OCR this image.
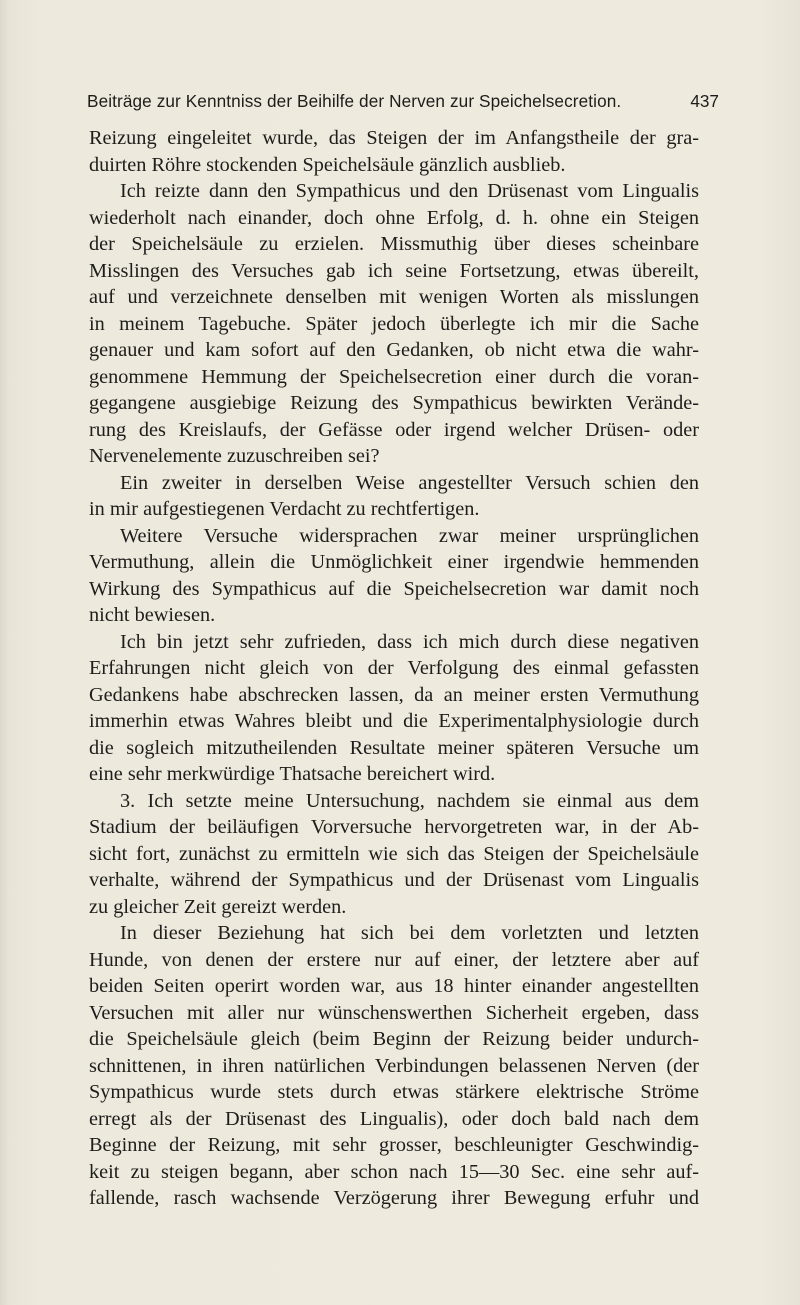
Beiträge zur Kenntniss der Beihilfe der Nerven zur Speichelsecretion.	437
Reizung eingeleitet wurde, das Steigen der im Anfangstheile der gra-
duirten Röhre stockenden Speichelsäule gänzlich ausblieb.
Ich reizte dann den Sympathicus und den Drüsenast vom Lingualis
wiederholt nach einander, doch ohne Erfolg, d. h. ohne ein Steigen
der Speichelsäule zu erzielen. Missmuthig über dieses scheinbare
Misslingen des Versuches gab ich seine Fortsetzung, etwas übereilt,
auf und verzeichnete denselben mit wenigen Worten als misslungen
in meinem Tagebuche. Später jedoch überlegte ich mir die Sache
genauer und kam sofort auf den Gedanken, ob nicht etwa die wahr-
genommene Hemmung der Speichelsecretion einer durch die voran-
gegangene ausgiebige Reizung des Sympathicus bewirkten Verände-
rung des Kreislaufs, der Gefässe oder irgend welcher Drüsen- oder
Nervenelemente zuzuschreiben sei?
Ein zweiter in derselben Weise angestellter Versuch schien den
in mir aufgestiegenen Verdacht zu rechtfertigen.
Weitere Versuche widersprachen zwar meiner ursprünglichen
Vermuthung, allein die Unmöglichkeit einer irgendwie hemmenden
Wirkung des Sympathicus auf die Speichelsecretion war damit noch
nicht bewiesen.
Ich bin jetzt sehr zufrieden, dass ich mich durch diese negativen
Erfahrungen nicht gleich von der Verfolgung des einmal gefassten
Gedankens habe abschrecken lassen, da an meiner ersten Vermuthung
immerhin etwas Wahres bleibt und die Experimentalphysiologie durch
die sogleich mitzutheilenden Resultate meiner späteren Versuche um
eine sehr merkwürdige Thatsache bereichert wird.
3. Ich setzte meine Untersuchung, nachdem sie einmal aus dem
Stadium der beiläufigen Vorversuche hervorgetreten war, in der Ab-
sicht fort, zunächst zu ermitteln wie sich das Steigen der Speichelsäule
verhalte, während der Sympathicus und der Drüsenast vom Lingualis
zu gleicher Zeit gereizt werden.
In dieser Beziehung hat sich bei dem vorletzten und letzten
Hunde, von denen der erstere nur auf einer, der letztere aber auf
beiden Seiten operirt worden war, aus 18 hinter einander angestellten
Versuchen mit aller nur wünschenswerthen Sicherheit ergeben, dass
die Speichelsäule gleich (beim Beginn der Reizung beider undurch-
schnittenen, in ihren natürlichen Verbindungen belassenen Nerven (der
Sympathicus wurde stets durch etwas stärkere elektrische Ströme
erregt als der Drüsenast des Lingualis), oder doch bald nach dem
Beginne der Reizung, mit sehr grosser, beschleunigter Geschwindig-
keit zu steigen begann, aber schon nach 15—30 Sec. eine sehr auf-
fallende, rasch wachsende Verzögerung ihrer Bewegung erfuhr und
